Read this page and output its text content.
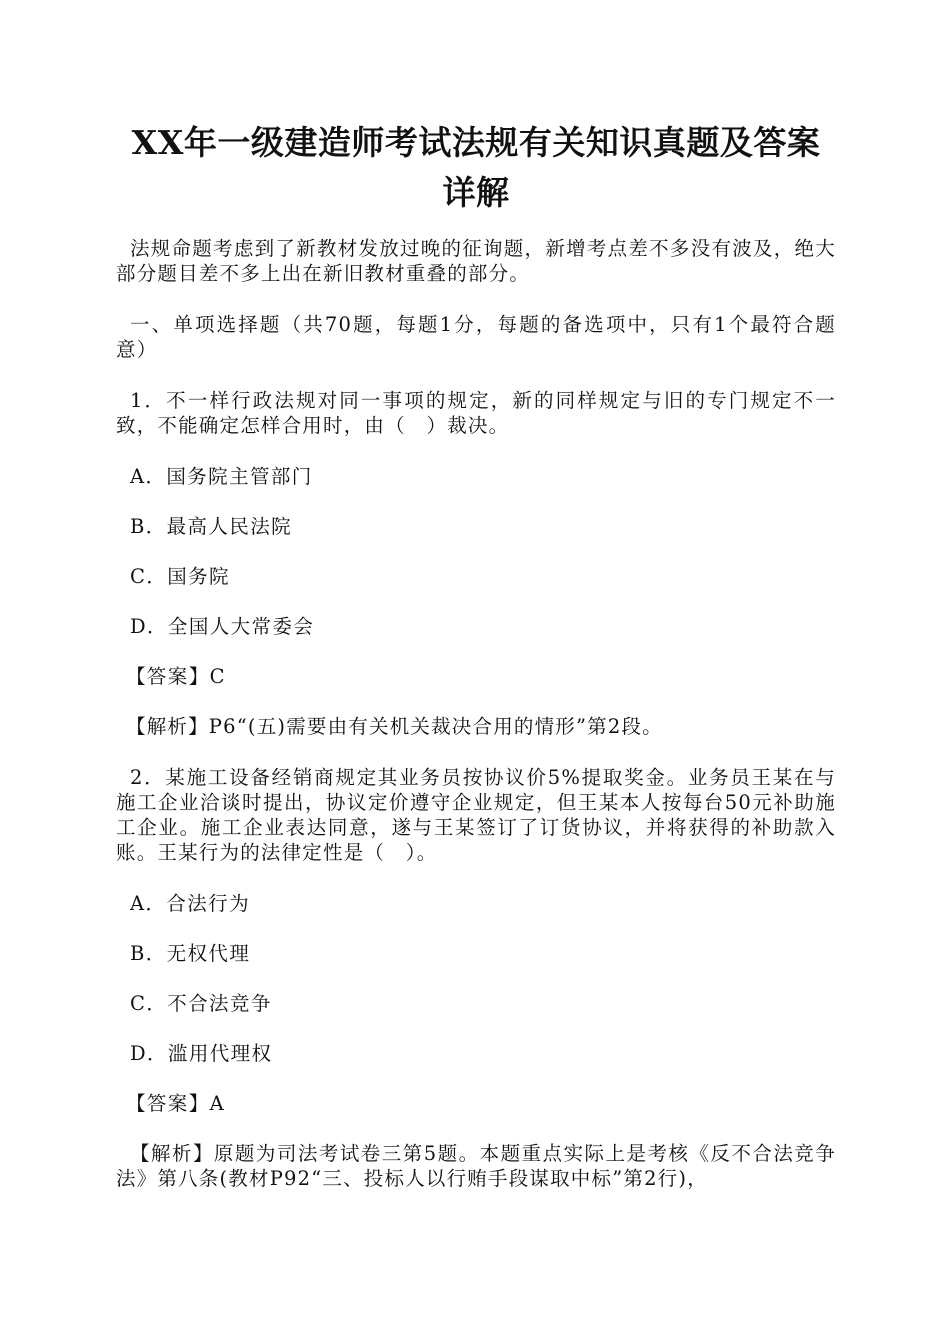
XX年一级建造师考试法规有关知识真题及答案详解

法规命题考虑到了新教材发放过晚的征询题，新增考点差不多没有波及，绝大部分题目差不多上出在新旧教材重叠的部分。

一、单项选择题（共70题，每题1分，每题的备选项中，只有1个最符合题意）

1．不一样行政法规对同一事项的规定，新的同样规定与旧的专门规定不一致，不能确定怎样合用时，由（　）裁决。

A．国务院主管部门

B．最高人民法院

C．国务院

D．全国人大常委会

【答案】C

【解析】P6“(五)需要由有关机关裁决合用的情形”第2段。

2．某施工设备经销商规定其业务员按协议价5%提取奖金。业务员王某在与施工企业洽谈时提出，协议定价遵守企业规定，但王某本人按每台50元补助施工企业。施工企业表达同意，遂与王某签订了订货协议，并将获得的补助款入账。王某行为的法律定性是（　）。

A．合法行为

B．无权代理

C．不合法竞争

D．滥用代理权

【答案】A

【解析】原题为司法考试卷三第5题。本题重点实际上是考核《反不合法竞争法》第八条(教材P92“三、投标人以行贿手段谋取中标”第2行)，
